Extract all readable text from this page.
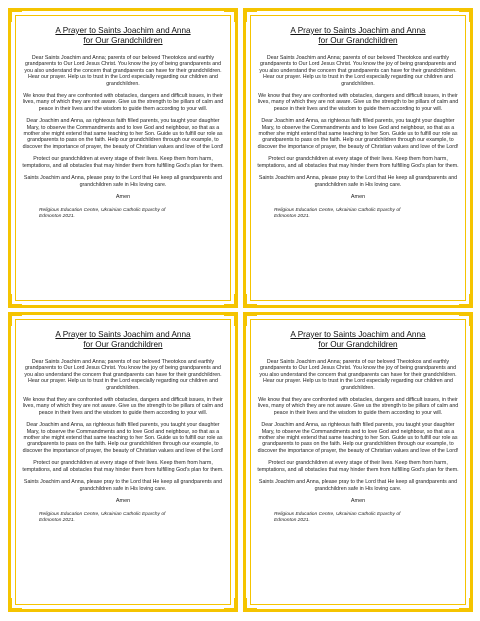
A Prayer to Saints Joachim and Anna
for Our Grandchildren

Dear Saints Joachim and Anna; parents of our beloved Theotokos and earthly grandparents to Our Lord Jesus Christ. You know the joy of being grandparents and you also understand the concern that grandparents can have for their grandchildren. Hear our prayer. Help us to trust in the Lord especially regarding our children and grandchildren.

We know that they are confronted with obstacles, dangers and difficult issues, in their lives, many of which they are not aware. Give us the strength to be pillars of calm and peace in their lives and the wisdom to guide them according to your will.

Dear Joachim and Anna, as righteous faith filled parents, you taught your daughter Mary, to observe the Commandments and to love God and neighbour, so that as a mother she might extend that same teaching to her Son. Guide us to fulfill our role as grandparents to pass on the faith. Help our grandchildren through our example, to discover the importance of prayer, the beauty of Christian values and love of the Lord!

Protect our grandchildren at every stage of their lives. Keep them from harm, temptations, and all obstacles that may hinder them from fulfilling God’s plan for them.

Saints Joachim and Anna, please pray to the Lord that He keep all grandparents and grandchildren safe in His loving care.

Amen
Religious Education Centre, Ukrainian Catholic Eparchy of
Edmonton 2021.
A Prayer to Saints Joachim and Anna
for Our Grandchildren

Dear Saints Joachim and Anna; parents of our beloved Theotokos and earthly grandparents to Our Lord Jesus Christ. You know the joy of being grandparents and you also understand the concern that grandparents can have for their grandchildren. Hear our prayer. Help us to trust in the Lord especially regarding our children and grandchildren.

We know that they are confronted with obstacles, dangers and difficult issues, in their lives, many of which they are not aware. Give us the strength to be pillars of calm and peace in their lives and the wisdom to guide them according to your will.

Dear Joachim and Anna, as righteous faith filled parents, you taught your daughter Mary, to observe the Commandments and to love God and neighbour, so that as a mother she might extend that same teaching to her Son. Guide us to fulfill our role as grandparents to pass on the faith. Help our grandchildren through our example, to discover the importance of prayer, the beauty of Christian values and love of the Lord!

Protect our grandchildren at every stage of their lives. Keep them from harm, temptations, and all obstacles that may hinder them from fulfilling God’s plan for them.

Saints Joachim and Anna, please pray to the Lord that He keep all grandparents and grandchildren safe in His loving care.

Amen
Religious Education Centre, Ukrainian Catholic Eparchy of
Edmonton 2021.
A Prayer to Saints Joachim and Anna
for Our Grandchildren

Dear Saints Joachim and Anna; parents of our beloved Theotokos and earthly grandparents to Our Lord Jesus Christ. You know the joy of being grandparents and you also understand the concern that grandparents can have for their grandchildren. Hear our prayer. Help us to trust in the Lord especially regarding our children and grandchildren.

We know that they are confronted with obstacles, dangers and difficult issues, in their lives, many of which they are not aware. Give us the strength to be pillars of calm and peace in their lives and the wisdom to guide them according to your will.

Dear Joachim and Anna, as righteous faith filled parents, you taught your daughter Mary, to observe the Commandments and to love God and neighbour, so that as a mother she might extend that same teaching to her Son. Guide us to fulfill our role as grandparents to pass on the faith. Help our grandchildren through our example, to discover the importance of prayer, the beauty of Christian values and love of the Lord!

Protect our grandchildren at every stage of their lives. Keep them from harm, temptations, and all obstacles that may hinder them from fulfilling God’s plan for them.

Saints Joachim and Anna, please pray to the Lord that He keep all grandparents and grandchildren safe in His loving care.

Amen
Religious Education Centre, Ukrainian Catholic Eparchy of
Edmonton 2021.
A Prayer to Saints Joachim and Anna
for Our Grandchildren

Dear Saints Joachim and Anna; parents of our beloved Theotokos and earthly grandparents to Our Lord Jesus Christ. You know the joy of being grandparents and you also understand the concern that grandparents can have for their grandchildren. Hear our prayer. Help us to trust in the Lord especially regarding our children and grandchildren.

We know that they are confronted with obstacles, dangers and difficult issues, in their lives, many of which they are not aware. Give us the strength to be pillars of calm and peace in their lives and the wisdom to guide them according to your will.

Dear Joachim and Anna, as righteous faith filled parents, you taught your daughter Mary, to observe the Commandments and to love God and neighbour, so that as a mother she might extend that same teaching to her Son. Guide us to fulfill our role as grandparents to pass on the faith. Help our grandchildren through our example, to discover the importance of prayer, the beauty of Christian values and love of the Lord!

Protect our grandchildren at every stage of their lives. Keep them from harm, temptations, and all obstacles that may hinder them from fulfilling God’s plan for them.

Saints Joachim and Anna, please pray to the Lord that He keep all grandparents and grandchildren safe in His loving care.

Amen
Religious Education Centre, Ukrainian Catholic Eparchy of
Edmonton 2021.
